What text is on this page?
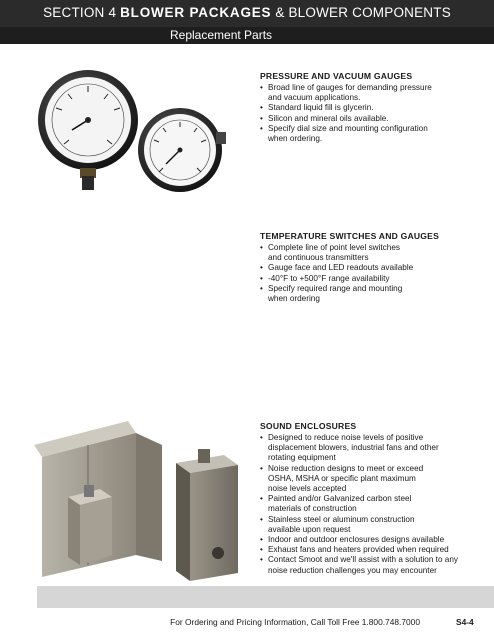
SECTION 4 BLOWER PACKAGES & BLOWER COMPONENTS
Replacement Parts
PRESSURE AND VACUUM GAUGES
• Broad line of gauges for demanding pressure and vacuum applications.
• Standard liquid fill is glycerin.
• Silicon and mineral oils available.
• Specify dial size and mounting configuration when ordering.
TEMPERATURE SWITCHES AND GAUGES
• Complete line of point level switches and continuous transmitters
• Gauge face and LED readouts available
• -40°F to +500°F range availability
• Specify required range and mounting when ordering
SOUND ENCLOSURES
• Designed to reduce noise levels of positive displacement blowers, industrial fans and other rotating equipment
• Noise reduction designs to meet or exceed OSHA, MSHA or specific plant maximum noise levels accepted
• Painted and/or Galvanized carbon steel materials of construction
• Stainless steel or aluminum construction available upon request
• Indoor and outdoor enclosures designs available
• Exhaust fans and heaters provided when required
• Contact Smoot and we'll assist with a solution to any noise reduction challenges you may encounter
For Ordering and Pricing Information, Call Toll Free 1.800.748.7000	S4-4
